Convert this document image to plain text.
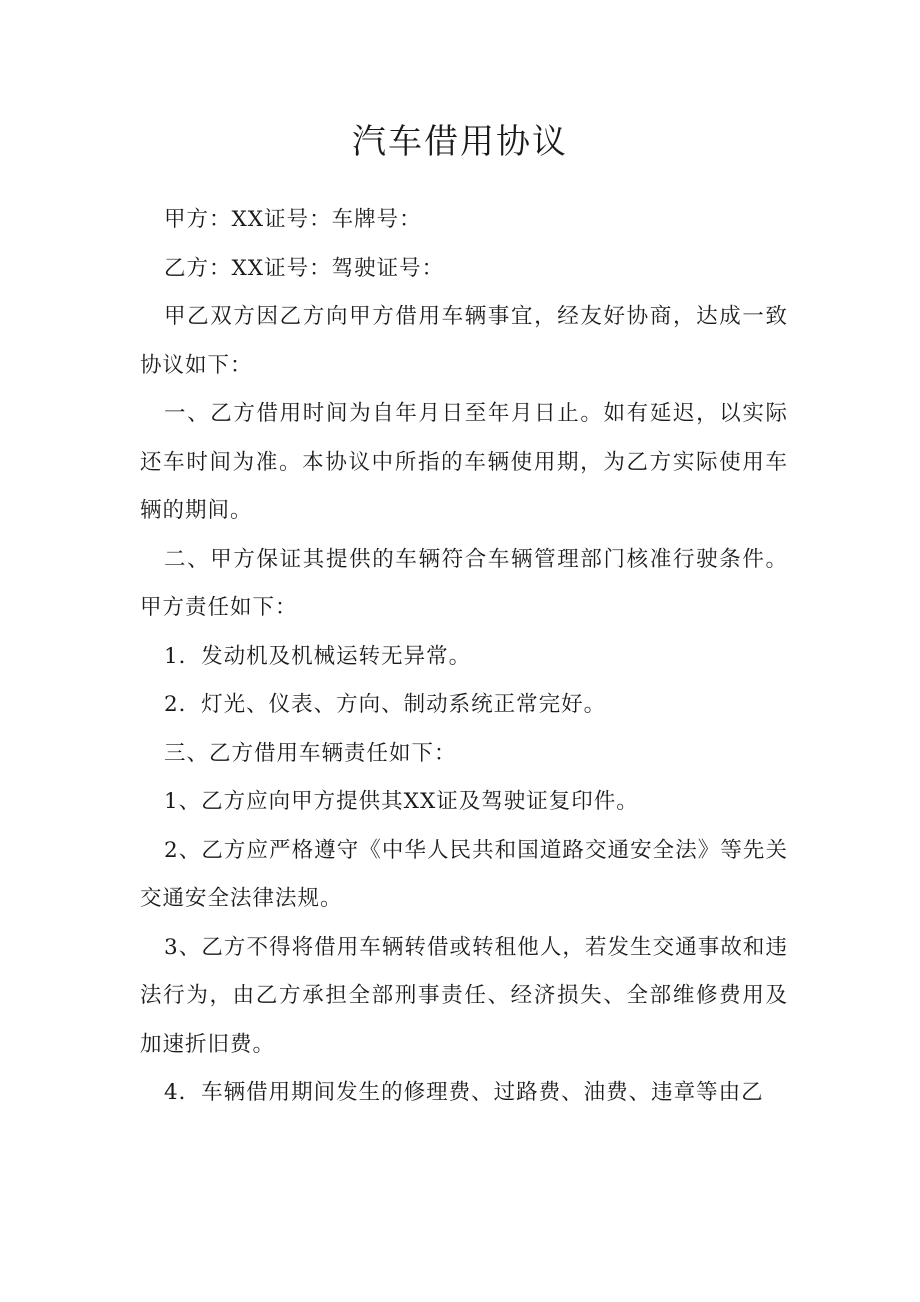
汽车借用协议

甲方：XX证号：车牌号：

乙方：XX证号：驾驶证号：

甲乙双方因乙方向甲方借用车辆事宜，经友好协商，达成一致协议如下：

一、乙方借用时间为自年月日至年月日止。如有延迟，以实际还车时间为准。本协议中所指的车辆使用期，为乙方实际使用车辆的期间。

二、甲方保证其提供的车辆符合车辆管理部门核准行驶条件。甲方责任如下：

1．发动机及机械运转无异常。

2．灯光、仪表、方向、制动系统正常完好。

三、乙方借用车辆责任如下：

1、乙方应向甲方提供其XX证及驾驶证复印件。

2、乙方应严格遵守《中华人民共和国道路交通安全法》等先关交通安全法律法规。

3、乙方不得将借用车辆转借或转租他人，若发生交通事故和违法行为，由乙方承担全部刑事责任、经济损失、全部维修费用及加速折旧费。

4．车辆借用期间发生的修理费、过路费、油费、违章等由乙
